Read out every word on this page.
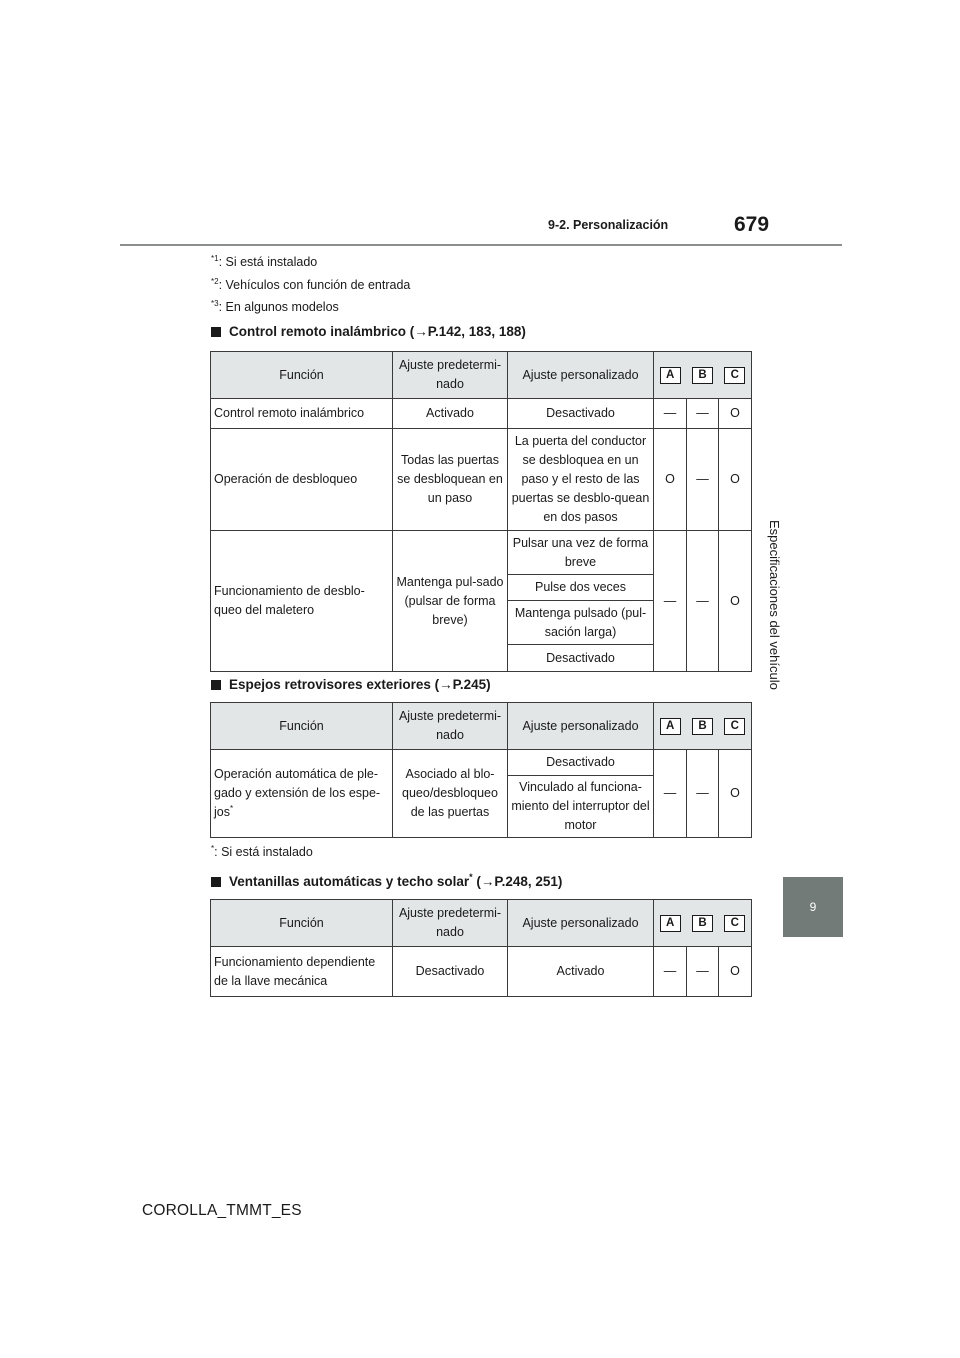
9-2. Personalización	679
Especificaciones del vehículo
9
$^{*1}$: Si está instalado
$^{*2}$: Vehículos con función de entrada
$^{*3}$: En algunos modelos
Control remoto inalámbrico (→P.142, 183, 188)
Función	Ajuste predetermi-nado	Ajuste personalizado	A B C		

Control remoto inalámbrico	Activado	Desactivado	—	—	O
Operación de desbloqueo	Todas las puertas se desbloquean en un paso	La puerta del conductor se desbloquea en un paso y el resto de las puertas se desblo-quean en dos pasos	O	—	O
Funcionamiento de desblo-queo del maletero	Mantenga pul-sado (pulsar de forma breve)	Pulsar una vez de forma breve	—	—	O
		Pulse dos veces			
		Mantenga pulsado (pul-sación larga)			
		Desactivado			
Espejos retrovisores exteriores (→P.245)
Función	Ajuste predetermi-nado	Ajuste personalizado	A B C		

Operación automática de ple-gado y extensión de los espe-jos*	Asociado al blo-queo/desbloqueo de las puertas	Desactivado	—	—	O
		Vinculado al funciona-miento del interruptor del motor			
*: Si está instalado
Ventanillas automáticas y techo solar* (→P.248, 251)
Función	Ajuste predetermi-nado	Ajuste personalizado	A B C		

Funcionamiento dependiente de la llave mecánica	Desactivado	Activado	—	—	O
COROLLA_TMMT_ES
